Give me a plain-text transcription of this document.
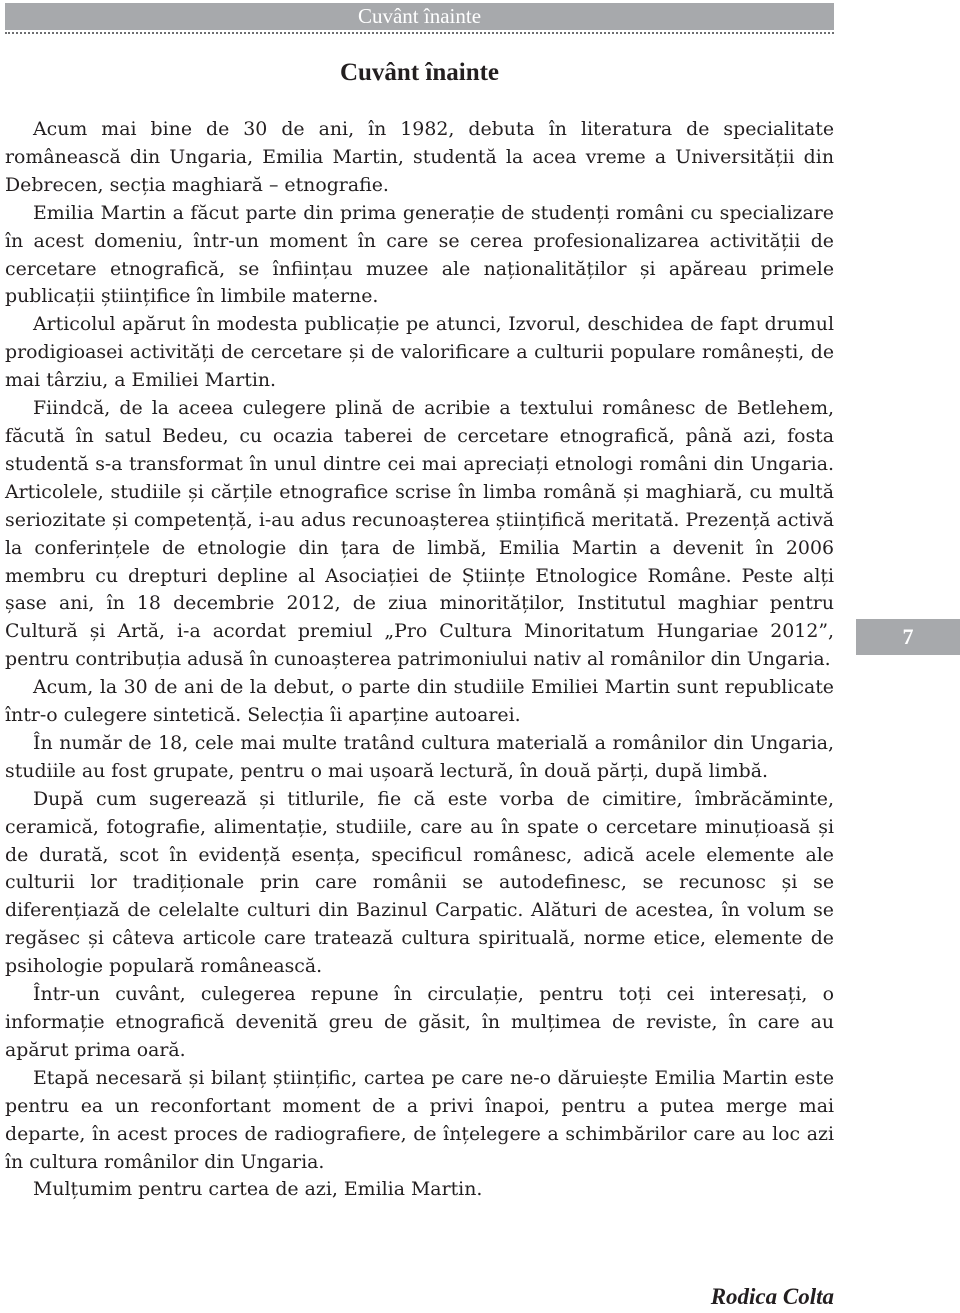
Cuvânt înainte
Cuvânt înainte

Acum mai bine de 30 de ani, în 1982, debuta în literatura de specialitate românească din Ungaria, Emilia Martin, studentă la acea vreme a Universității din Debrecen, secția maghiară – etnografie.

Emilia Martin a făcut parte din prima generație de studenți români cu specializare în acest domeniu, într-un moment în care se cerea profesionalizarea activității de cercetare etnografică, se înființau muzee ale naționalităților și apăreau primele publicații științifice în limbile materne.

Articolul apărut în modesta publicație pe atunci, Izvorul, deschidea de fapt drumul prodigioasei activități de cercetare și de valorificare a culturii populare românești, de mai târziu, a Emiliei Martin.

Fiindcă, de la aceea culegere plină de acribie a textului românesc de Betlehem, făcută în satul Bedeu, cu ocazia taberei de cercetare etnografică, până azi, fosta studentă s-a transformat în unul dintre cei mai apreciați etnologi români din Ungaria. Articolele, studiile și cărțile etnografice scrise în limba română și maghiară, cu multă seriozitate și competență, i-au adus recunoașterea științifică meritată. Prezență activă la conferințele de etnologie din țara de limbă, Emilia Martin a devenit în 2006 membru cu drepturi depline al Asociației de Științe Etnologice Române. Peste alți șase ani, în 18 decembrie 2012, de ziua minorităților, Institutul maghiar pentru Cultură și Artă, i-a acordat premiul „Pro Cultura Minoritatum Hungariae 2012”, pentru contribuția adusă în cunoașterea patrimoniului nativ al românilor din Ungaria.

Acum, la 30 de ani de la debut, o parte din studiile Emiliei Martin sunt republicate într-o culegere sintetică. Selecția îi aparține autoarei.

În număr de 18, cele mai multe tratând cultura materială a românilor din Ungaria, studiile au fost grupate, pentru o mai ușoară lectură, în două părți, după limbă.

După cum sugerează și titlurile, fie că este vorba de cimitire, îmbrăcăminte, ceramică, fotografie, alimentație, studiile, care au în spate o cercetare minuțioasă și de durată, scot în evidență esența, specificul românesc, adică acele elemente ale culturii lor tradiționale prin care românii se autodefinesc, se recunosc și se diferențiază de celelalte culturi din Bazinul Carpatic. Alături de acestea, în volum se regăsec și câteva articole care tratează cultura spirituală, norme etice, elemente de psihologie populară românească.

Într-un cuvânt, culegerea repune în circulație, pentru toți cei interesați, o informație etnografică devenită greu de găsit, în mulțimea de reviste, în care au apărut prima oară.

Etapă necesară și bilanț științific, cartea pe care ne-o dăruiește Emilia Martin este pentru ea un reconfortant moment de a privi înapoi, pentru a putea merge mai departe, în acest proces de radiografiere, de înțelegere a schimbărilor care au loc azi în cultura românilor din Ungaria.

Mulțumim pentru cartea de azi, Emilia Martin.

Rodica Colta
7
